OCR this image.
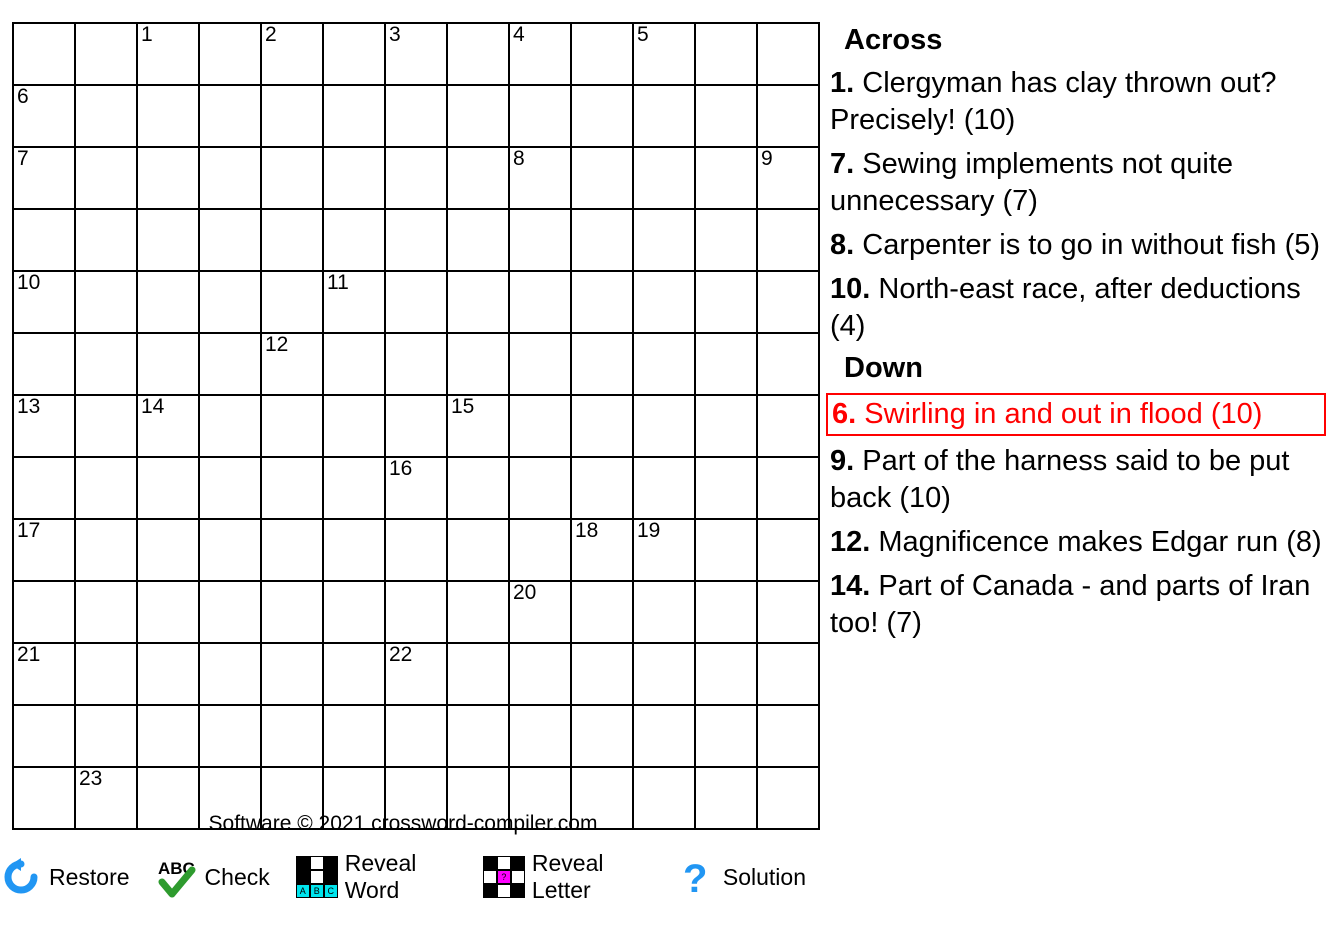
		1		2		3		4		5		

6												

7								8				9

10					11							

				12								

13		14					15					

						16						

17									18	19		

								20				

21						22						

	23											

Software © 2021 crossword-compiler.com
Restore ABC Check
A B C
Reveal Word	?
Reveal Letter	? Solution
Across
1. Clergyman has clay thrown out? Precisely! (10)
7. Sewing implements not quite unnecessary (7)
8. Carpenter is to go in without fish (5)
10. North-east race, after deductions (4)
Down
6. Swirling in and out in flood (10)
9. Part of the harness said to be put back (10)
12. Magnificence makes Edgar run (8)
14. Part of Canada - and parts of Iran too! (7)
